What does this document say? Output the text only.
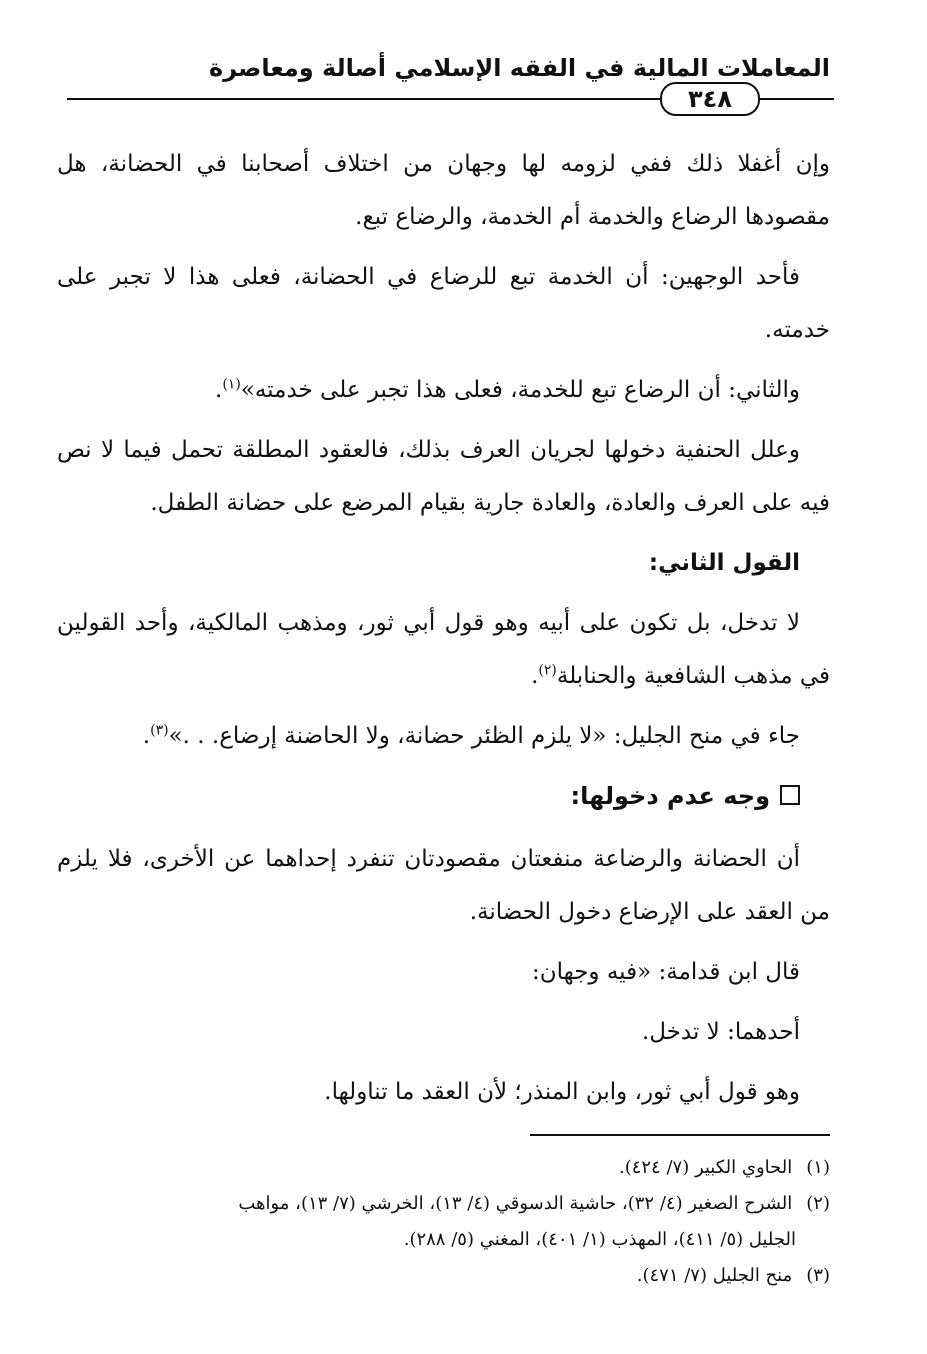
المعاملات المالية في الفقه الإسلامي أصالة ومعاصرة
٣٤٨

وإن أغفلا ذلك ففي لزومه لها وجهان من اختلاف أصحابنا في الحضانة، هل مقصودها الرضاع والخدمة أم الخدمة، والرضاع تبع.

فأحد الوجهين: أن الخدمة تبع للرضاع في الحضانة، فعلى هذا لا تجبر على خدمته.

والثاني: أن الرضاع تبع للخدمة، فعلى هذا تجبر على خدمته»$^{(١)}$.

وعلل الحنفية دخولها لجريان العرف بذلك، فالعقود المطلقة تحمل فيما لا نص فيه على العرف والعادة، والعادة جارية بقيام المرضع على حضانة الطفل.

القول الثاني:

لا تدخل، بل تكون على أبيه وهو قول أبي ثور، ومذهب المالكية، وأحد القولين في مذهب الشافعية والحنابلة$^{(٢)}$.

جاء في منح الجليل: «لا يلزم الظئر حضانة، ولا الحاضنة إرضاع. . .»$^{(٣)}$.

وجه عدم دخولها:

أن الحضانة والرضاعة منفعتان مقصودتان تنفرد إحداهما عن الأخرى، فلا يلزم من العقد على الإرضاع دخول الحضانة.

قال ابن قدامة: «فيه وجهان:

أحدهما: لا تدخل.

وهو قول أبي ثور، وابن المنذر؛ لأن العقد ما تناولها.

(١)الحاوي الكبير (٧/ ٤٢٤).

(٢)الشرح الصغير (٤/ ٣٢)، حاشية الدسوقي (٤/ ١٣)، الخرشي (٧/ ١٣)، مواهب

الجليل (٥/ ٤١١)، المهذب (١/ ٤٠١)، المغني (٥/ ٢٨٨).

(٣)منح الجليل (٧/ ٤٧١).
